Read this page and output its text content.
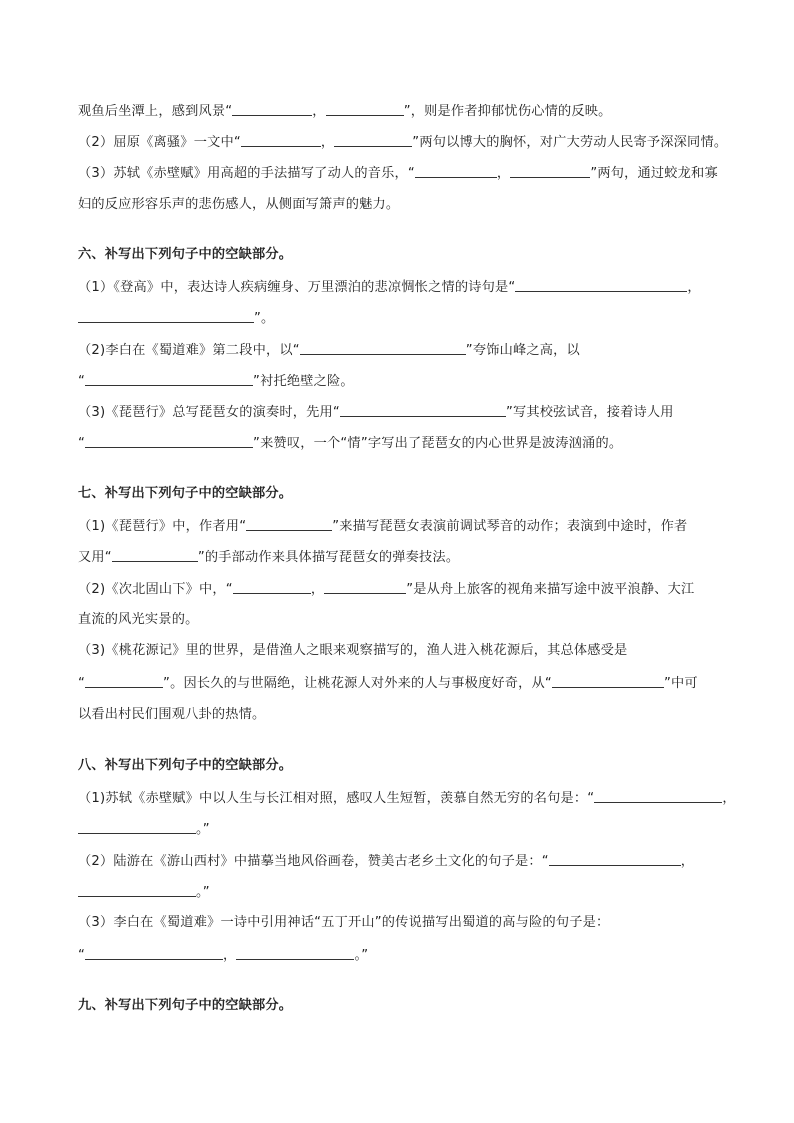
观鱼后坐潭上，感到风景“	，	”，则是作者抑郁忧伤心情的反映。
（2）屈原《离骚》一文中“	，	”两句以博大的胸怀，对广大劳动人民寄予深深同情。
（3）苏轼《赤壁赋》用高超的手法描写了动人的音乐，“	，	”两句，通过蛟龙和寡
妇的反应形容乐声的悲伤感人，从侧面写箫声的魅力。
六、补写出下列句子中的空缺部分。
（1）《登高》中，表达诗人疾病缠身、万里漂泊的悲凉惆怅之情的诗句是“	，
”。
（2)李白在《蜀道难》第二段中，以“	”夸饰山峰之高，以
“	”衬托绝壁之险。
（3)《琵琶行》总写琵琶女的演奏时，先用“	”写其校弦试音，接着诗人用
“	”来赞叹，一个“情”字写出了琵琶女的内心世界是波涛汹涌的。
七、补写出下列句子中的空缺部分。
（1)《琵琶行》中，作者用“	”来描写琵琶女表演前调试琴音的动作；表演到中途时，作者
又用“	”的手部动作来具体描写琵琶女的弹奏技法。
（2)《次北固山下》中，“	，	”是从舟上旅客的视角来描写途中波平浪静、大江
直流的风光实景的。
（3)《桃花源记》里的世界，是借渔人之眼来观察描写的，渔人进入桃花源后，其总体感受是
“	”。因长久的与世隔绝，让桃花源人对外来的人与事极度好奇，从“	”中可
以看出村民们围观八卦的热情。
八、补写出下列句子中的空缺部分。
（1)苏轼《赤壁赋》中以人生与长江相对照，感叹人生短暂，羡慕自然无穷的名句是：“	，
。”
（2）陆游在《游山西村》中描摹当地风俗画卷，赞美古老乡土文化的句子是：“	，
。”
（3）李白在《蜀道难》一诗中引用神话“五丁开山”的传说描写出蜀道的高与险的句子是：
“	，	。”
九、补写出下列句子中的空缺部分。
